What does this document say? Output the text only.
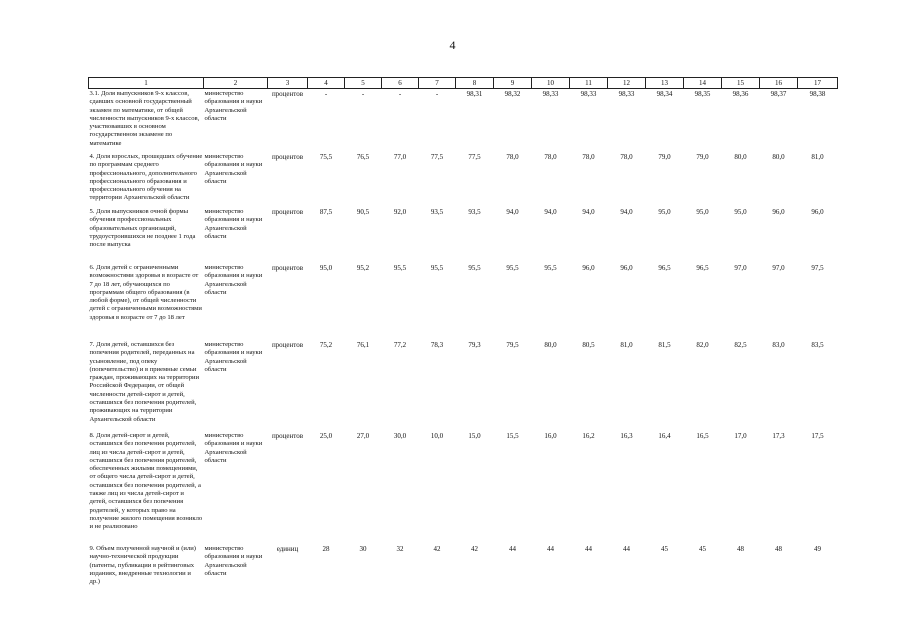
4
1	2	3	4	5	6	7	8	9	10	11	12	13	14	15	16	17
3.1. Доля выпускников 9-х классов, сдавших основной государственный экзамен по математике, от общей численности выпускников 9-х классов, участвовавших в основном государственном экзамене по математике	министерство образования и науки Архангельской области	процентов	-	-	-	-	98,31	98,32	98,33	98,33	98,33	98,34	98,35	98,36	98,37	98,38
4. Доля взрослых, прошедших обучение по программам среднего профессионального, дополнительного профессионального образования и профессионального обучения на территории Архангельской области	министерство образования и науки Архангельской области	процентов	75,5	76,5	77,0	77,5	77,5	78,0	78,0	78,0	78,0	79,0	79,0	80,0	80,0	81,0
5. Доля выпускников очной формы обучения профессиональных образовательных организаций, трудоустроившихся не позднее 1 года после выпуска	министерство образования и науки Архангельской области	процентов	87,5	90,5	92,0	93,5	93,5	94,0	94,0	94,0	94,0	95,0	95,0	95,0	96,0	96,0
6. Доля детей с ограниченными возможностями здоровья в возрасте от 7 до 18 лет, обучающихся по программам общего образования (в любой форме), от общей численности детей с ограниченными возможностями здоровья в возрасте от 7 до 18 лет	министерство образования и науки Архангельской области	процентов	95,0	95,2	95,5	95,5	95,5	95,5	95,5	96,0	96,0	96,5	96,5	97,0	97,0	97,5
7. Доля детей, оставшихся без попечения родителей, переданных на усыновление, под опеку (попечительство) и в приемные семьи граждан, проживающих на территории Российской Федерации, от общей численности детей-сирот и детей, оставшихся без попечения родителей, проживающих на территории Архангельской области	министерство образования и науки Архангельской области	процентов	75,2	76,1	77,2	78,3	79,3	79,5	80,0	80,5	81,0	81,5	82,0	82,5	83,0	83,5
8. Доля детей-сирот и детей, оставшихся без попечения родителей, лиц из числа детей-сирот и детей, оставшихся без попечения родителей, обеспеченных жилыми помещениями, от общего числа детей-сирот и детей, оставшихся без попечения родителей, а также лиц из числа детей-сирот и детей, оставшихся без попечения родителей, у которых право на получение жилого помещения возникло и не реализовано	министерство образования и науки Архангельской области	процентов	25,0	27,0	30,0	10,0	15,0	15,5	16,0	16,2	16,3	16,4	16,5	17,0	17,3	17,5
9. Объем полученной научной и (или) научно-технической продукции (патенты, публикации в рейтинговых изданиях, внедренные технологии и др.)	министерство образования и науки Архангельской области	единиц	28	30	32	42	42	44	44	44	44	45	45	48	48	49
